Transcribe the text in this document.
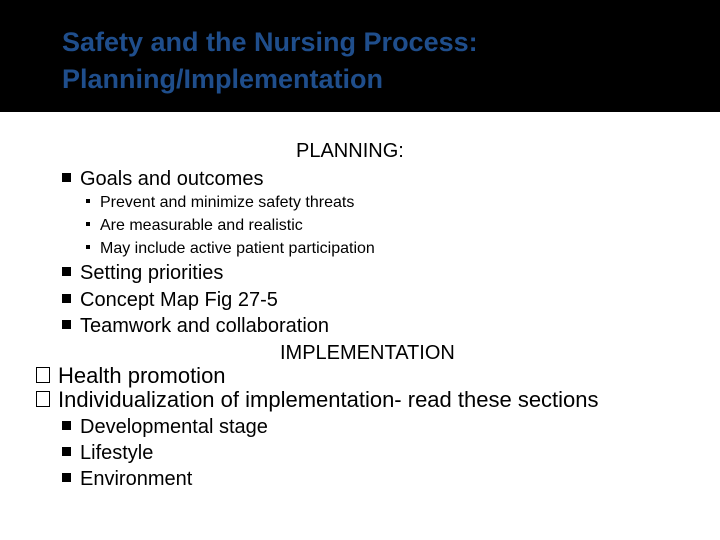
Safety and the Nursing Process:
Planning/Implementation
PLANNING:
Goals and outcomes
Prevent and minimize safety threats
Are measurable and realistic
May include active patient participation
Setting priorities
Concept Map Fig 27-5
Teamwork and collaboration
IMPLEMENTATION
Health promotion
Individualization of implementation- read these sections
Developmental stage
Lifestyle
Environment
